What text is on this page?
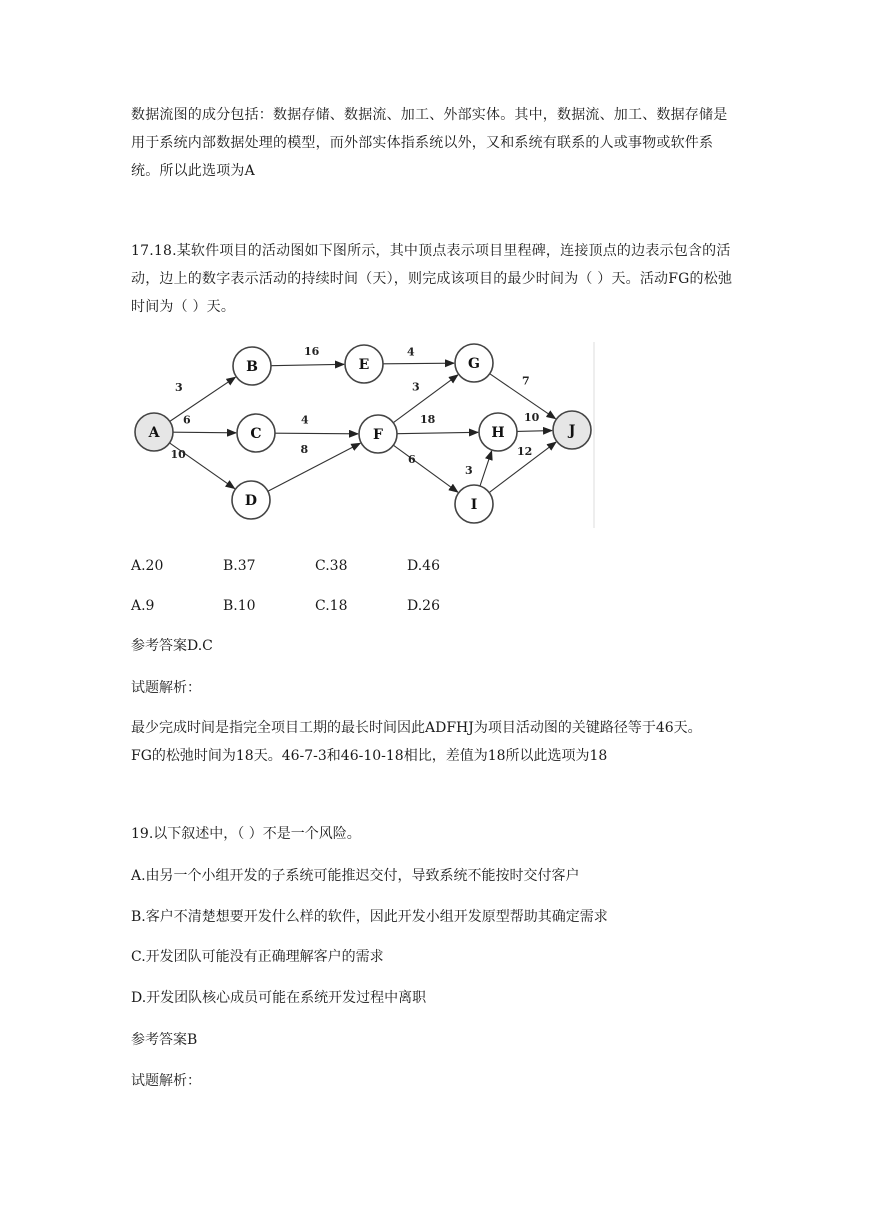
数据流图的成分包括：数据存储、数据流、加工、外部实体。其中，数据流、加工、数据存储是用于系统内部数据处理的模型，而外部实体指系统以外，又和系统有联系的人或事物或软件系统。所以此选项为A

17.18.某软件项目的活动图如下图所示，其中顶点表示项目里程碑，连接顶点的边表示包含的活动，边上的数字表示活动的持续时间（天），则完成该项目的最少时间为（ ）天。活动FG的松弛时间为（ ）天。

3
6
10
16	4
4
8
3
18
6
3
7
10
12
A
B
C
D
E
F
G
H
I
J
A.20	B.37	C.38	D.46
A.9	B.10	C.18	D.26
参考答案D.C
试题解析：
最少完成时间是指完全项目工期的最长时间因此ADFHJ为项目活动图的关键路径等于46天。
FG的松弛时间为18天。46-7-3和46-10-18相比，差值为18所以此选项为18
19.以下叙述中，（ ）不是一个风险。
A.由另一个小组开发的子系统可能推迟交付，导致系统不能按时交付客户
B.客户不清楚想要开发什么样的软件，因此开发小组开发原型帮助其确定需求
C.开发团队可能没有正确理解客户的需求
D.开发团队核心成员可能在系统开发过程中离职
参考答案B
试题解析：
